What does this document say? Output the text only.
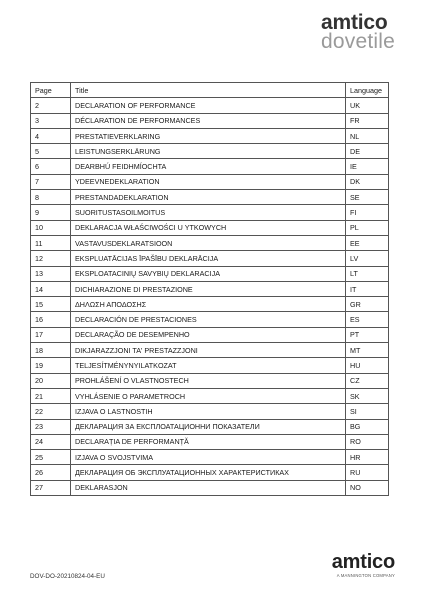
amtico
dovetile
Page	Title	Language
2	DECLARATION OF PERFORMANCE	UK
3	DÉCLARATION DE PERFORMANCES	FR
4	PRESTATIEVERKLARING	NL
5	LEISTUNGSERKLÄRUNG	DE
6	DEARBHÚ FEIDHMÍOCHTA	IE
7	YDEEVNEDEKLARATION	DK
8	PRESTANDADEKLARATION	SE
9	SUORITUSTASOILMOITUS	FI
10	DEKLARACJA WŁAŚCIWOŚCI U YTKOWYCH	PL
11	VASTAVUSDEKLARATSIOON	EE
12	EKSPLUATĀCIJAS ĪPAŠĪBU DEKLARĀCIJA	LV
13	EKSPLOATACINIŲ SAVYBIŲ DEKLARACIJA	LT
14	DICHIARAZIONE DI PRESTAZIONE	IT
15	ΔΗΛΩΣΗ ΑΠΟΔΟΣΗΣ	GR
16	DECLARACIÓN DE PRESTACIONES	ES
17	DECLARAÇÃO DE DESEMPENHO	PT
18	DIKJARAZZJONI TA' PRESTAZZJONI	MT
19	TELJESÍTMÉNYNYILATKOZAT	HU
20	PROHLÁŠENÍ O VLASTNOSTECH	CZ
21	VYHLÁSENIE O PARAMETROCH	SK
22	IZJAVA O LASTNOSTIH	SI
23	ДЕКЛАРАЦИЯ ЗА ЕКСПЛОАТАЦИОННИ ПОКАЗАТЕЛИ	BG
24	DECLARAȚIA DE PERFORMANȚĂ	RO
25	IZJAVA O SVOJSTVIMA	HR
26	ДЕКЛАРАЦИЯ ОБ ЭКСПЛУАТАЦИОННЫХ ХАРАКТЕРИСТИКАХ	RU
27	DEKLARASJON	NO
DOV-DO-20210824-04-EU
amtico
A MANNINGTON COMPANY
